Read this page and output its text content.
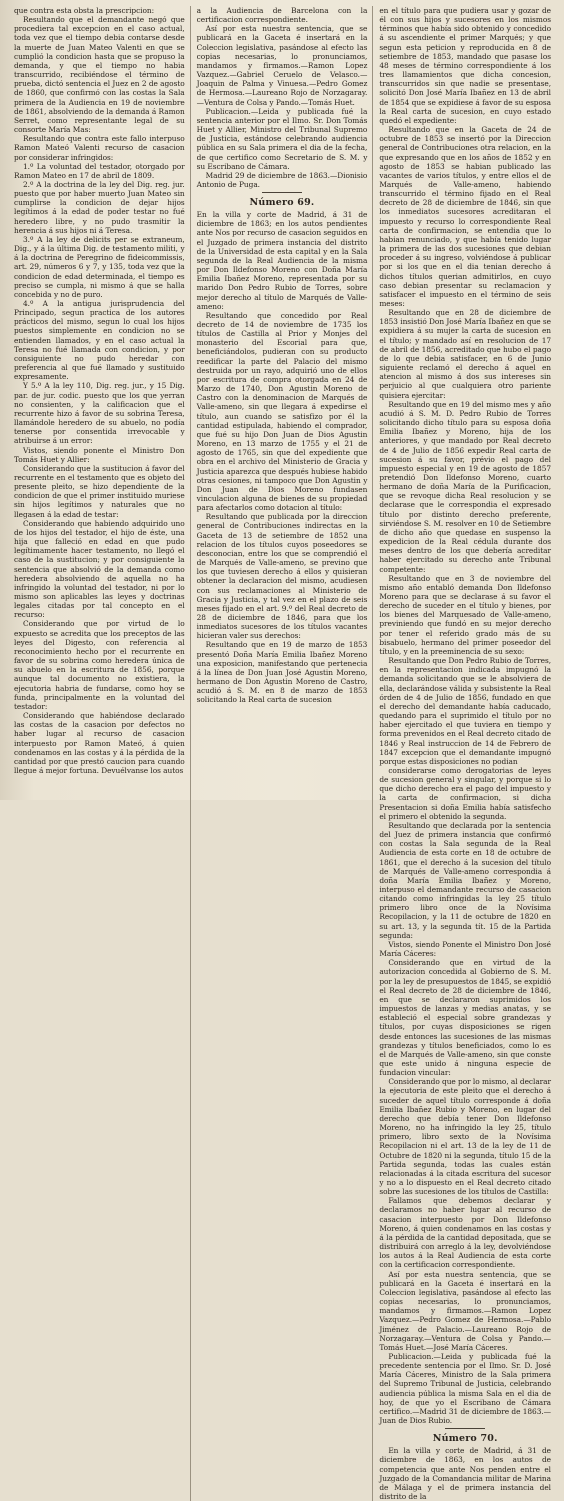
que contra esta obsta la prescripcion:

Resultando que el demandante negó que procediera tal excepcion en el caso actual, toda vez que el tiempo debia contarse desde la muerte de Juan Mateo Valenti en que se cumplió la condicion hasta que se propuso la demanda, y que el tiempo no habia transcurrido, recibiéndose el término de prueba, dictó sentencia el Juez en 2 de agosto de 1860, que confirmó con las costas la Sala primera de la Audiencia en 19 de noviembre de 1861, absolviendo de la demanda á Ramon Serret, como representante legal de su consorte María Mas:

Resultando que contra este fallo interpuso Ramon Mateó Valenti recurso de casacion por considerar infringidos:

1.º La voluntad del testador, otorgado por Ramon Mateo en 17 de abril de 1809.

2.º A la doctrina de la ley del Dig. reg. jur. puesto que por haber muerto Juan Mateo sin cumplirse la condicion de dejar hijos legítimos á la edad de poder testar no fué heredero libre, y no pudo trasmitir la herencia á sus hijos ni á Teresa.

3.º A la ley de delicits per se extraneum, Dig., y á la última Dig. de testamento militi, y á la doctrina de Peregrino de fideicommissis, art. 29, números 6 y 7, y 135, toda vez que la condicion de edad determinada, el tiempo es preciso se cumpla, ni mismo á que se halla concebida y no de puro.

4.º A la antigua jurisprudencia del Principado, segun practica de los autores prácticos del mismo, segun lo cual los hijos puestos simplemente en condicion no se entienden llamados, y en el caso actual la Teresa no fué llamada con condicion, y por consiguiente no pudo heredar con preferencia al que fué llamado y sustituido expresamente.

Y 5.º A la ley 110, Dig. reg. jur., y 15 Dig. par. de jur. codic. puesto que los que yerran no consienten, y la calificacion que el recurrente hizo á favor de su sobrina Teresa, llamándole heredero de su abuelo, no podía tenerse por consentida irrevocable y atribuirse á un error:

Vistos, siendo ponente el Ministro Don Tomás Huet y Allier:

Considerando que la sustitucion á favor del recurrente en el testamento que es objeto del presente pleito, se hizo dependiente de la condicion de que el primer instituido muriese sin hijos legítimos y naturales que no llegasen á la edad de testar:

Considerando que habiendo adquirido uno de los hijos del testador, el hijo de éste, una hija que falleció en edad en que pudo legítimamente hacer testamento, no llegó el caso de la sustitucion; y por consiguiente la sentencia que absolvió de la demanda como heredera absolviendo de aquella no ha infringido la voluntad del testador, ni por lo mismo son aplicables las leyes y doctrinas legales citadas por tal concepto en el recurso:

Considerando que por virtud de lo expuesto se acredita que los preceptos de las leyes del Digesto, con referencia al reconocimiento hecho por el recurrente en favor de su sobrina como heredera única de su abuelo en la escritura de 1856, porque aunque tal documento no existiera, la ejecutoria habria de fundarse, como hoy se funda, principalmente en la voluntad del testador:

Considerando que habiéndose declarado las costas de la casacion por defectos no haber lugar al recurso de casacion interpuesto por Ramon Mateó, á quien condenamos en las costas y á la pérdida de la cantidad por que prestó caucion para cuando llegue á mejor fortuna. Devuélvanse los autos

a la Audiencia de Barcelona con la certificacion correspondiente.

Así por esta nuestra sentencia, que se publicará en la Gaceta é insertará en la Coleccion legislativa, pasándose al efecto las copias necesarias, lo pronunciamos, mandamos y firmamos.—Ramon Lopez Vazquez.—Gabriel Ceruelo de Velasco.—Joaquin de Palma y Vinuesa.—Pedro Gomez de Hermosa.—Laureano Rojo de Norzagaray.—Ventura de Colsa y Pando.—Tomás Huet.

Publicacion.—Leida y publicada fué la sentencia anterior por el Ilmo. Sr. Don Tomás Huet y Allier, Ministro del Tribunal Supremo de Justicia, estándose celebrando audiencia pública en su Sala primera el dia de la fecha, de que certifico como Secretario de S. M. y su Escribano de Cámara.

Madrid 29 de diciembre de 1863.—Dionisio Antonio de Puga.

Número 69.

En la villa y corte de Madrid, á 31 de diciembre de 1863; en los autos pendientes ante Nos por recurso de casacion seguidos en el Juzgado de primera instancia del distrito de la Universidad de esta capital y en la Sala segunda de la Real Audiencia de la misma por Don Ildefonso Moreno con Doña María Emilia Ibañez Moreno, representada por su marido Don Pedro Rubio de Torres, sobre mejor derecho al título de Marqués de Valle-ameno:

Resultando que concedido por Real decreto de 14 de noviembre de 1735 los títulos de Castilla al Prior y Monjes del monasterio del Escorial para que, beneficiándolos, pudieran con su producto reedificar la parte del Palacio del mismo destruida por un rayo, adquirió uno de ellos por escritura de compra otorgada en 24 de Marzo de 1740, Don Agustin Moreno de Castro con la denominacion de Marqués de Valle-ameno, sin que llegara á expedirse el título, aun cuando se satisfizo por él la cantidad estipulada, habiendo el comprador, que fué su hijo Don Juan de Dios Agustin Moreno, en 13 marzo de 1755 y el 21 de agosto de 1765, sin que del expediente que obra en el archivo del Ministerio de Gracia y Justicia aparezca que después hubiese habido otras cesiones, ni tampoco que Don Agustin y Don Juan de Dios Moreno fundasen vinculacion alguna de bienes de su propiedad para afectarlos como dotacion al título:

Resultando que publicada por la direccion general de Contribuciones indirectas en la Gaceta de 13 de setiembre de 1852 una relacion de los títulos cuyos poseedores se desconocian, entre los que se comprendió el de Marqués de Valle-ameno, se previno que los que tuviesen derecho á ellos y quisieran obtener la declaracion del mismo, acudiesen con sus reclamaciones al Ministerio de Gracia y Justicia, y tal vez en el plazo de seis meses fijado en el art. 9.º del Real decreto de 28 de diciembre de 1846, para que los inmediatos sucesores de los títulos vacantes hicieran valer sus derechos:

Resultando que en 19 de marzo de 1853 presentó Doña María Emilia Ibañez Moreno una exposicion, manifestando que pertenecia á la línea de Don Juan José Agustin Moreno, hermano de Don Agustin Moreno de Castro, acudió á S. M. en 8 de marzo de 1853 solicitando la Real carta de sucesion

en el título para que pudiera usar y gozar de él con sus hijos y sucesores en los mismos términos que había sido obtenido y concedido á su ascendiente el primer Marqués; y que segun esta peticion y reproducida en 8 de setiembre de 1853, mandado que pasase los 48 meses de término correspondiente á los tres llamamientos que dicha concesion, transcurridos sin que nadie se presentase, solicitó Don José María Ibañez en 13 de abril de 1854 que se expidiese á favor de su esposa la Real carta de sucesion, en cuyo estado quedó el expediente:

Resultando que en la Gaceta de 24 de octubre de 1853 se insertó por la Direccion general de Contribuciones otra relacion, en la que expresando que en los años de 1852 y en agosto de 1853 se habian publicado las vacantes de varios títulos, y entre ellos el de Marqués de Valle-ameno, habiendo transcurrido el término fijado en el Real decreto de 28 de diciembre de 1846, sin que los inmediatos sucesores acreditaran el impuesto y recurso lo correspondiente Real carta de confirmacion, se entendia que lo habian renunciado, y que había tenido lugar la primera de las dos sucesiones que debian proceder á su ingreso, volviéndose á publicar por si los que en el dia tenian derecho á dichos títulos querian admitirlos, en cuyo caso debian presentar su reclamacion y satisfacer el impuesto en el término de seis meses:

Resultando que en 28 de diciembre de 1853 insistió Don José María Ibañez en que se expidiera á su mujer la carta de sucesion en el título; y mandado así en resolucion de 17 de abril de 1856, acreditado que hubo el pago de lo que debia satisfacer, en 6 de Junio siguiente reclamó el derecho á aquel en atencion al mismo á dos sus intereses sin perjuicio al que cualquiera otro pariente quisiera ejercitar:

Resultando que en 19 del mismo mes y año acudió á S. M. D. Pedro Rubio de Torres solicitando dicho título para su esposa doña Emilia Ibañez y Moreno, hija de los anteriores, y que mandado por Real decreto de 4 de Julio de 1856 expedir Real carta de sucesion á su favor, prévio el pago del impuesto especial y en 19 de agosto de 1857 pretendió Don Ildefonso Moreno, cuarto hermano de doña María de la Purificacion, que se revoque dicha Real resolucion y se declarase que le correspondia el expresado título por distinto derecho preferente, sirviéndose S. M. resolver en 10 de Setiembre de dicho año que quedase en suspenso la expedicion de la Real cédula durante dos meses dentro de los que debería acreditar haber ejercitado su derecho ante Tribunal competente:

Resultando que en 3 de noviembre del mismo año entabló demanda Don Ildefonso Moreno para que se declarase á su favor el derecho de suceder en el título y bienes, por los bienes del Marquesado de Valle-ameno, previniendo que fundó en su mejor derecho por tener el referido grado más de su bisabuelo, hermano del primer poseedor del título, y en la preeminencia de su sexo:

Resultando que Don Pedro Rubio de Torres, en la representacion indicada impugnó la demanda solicitando que se le absolviera de ella, declarándose válida y subsistente la Real órden de 4 de Julio de 1856, fundado en que el derecho del demandante había caducado, quedando para el suprimido el título por no haber ejercitado el que tuviera en tiempo y forma prevenidos en el Real decreto citado de 1846 y Real instruccion de 14 de Febrero de 1847 excepcion que el demandante impugnó porque estas disposiciones no podian

considerarse como derogatorias de leyes de sucesion general y singular, y porque si lo que dicho derecho era el pago del impuesto y la carta de confirmacion, si dicha Presentacion si doña Emilia había satisfecho el primero el obtenido la segunda.

Resultando que declarada por la sentencia del Juez de primera instancia que confirmó con costas la Sala segunda de la Real Audiencia de esta corte en 18 de octubre de 1861, que el derecho á la sucesion del título de Marqués de Valle-ameno correspondia á doña María Emilia Ibañez y Moreno, interpuso el demandante recurso de casacion citando como infringidas la ley 25 título primero libro once de la Novísima Recopilacion, y la 11 de octubre de 1820 en su art. 13, y la segunda tít. 15 de la Partida segunda:

Vistos, siendo Ponente el Ministro Don José María Cáceres:

Considerando que en virtud de la autorizacion concedida al Gobierno de S. M. por la ley de presupuestos de 1845, se expidió el Real decreto de 28 de diciembre de 1846, en que se declararon suprimidos los impuestos de lanzas y medias anatas, y se estableció el especial sobre grandezas y títulos, por cuyas disposiciones se rigen desde entonces las sucesiones de las mismas grandezas y títulos beneficiados, como lo es el de Marqués de Valle-ameno, sin que conste que este unido á ninguna especie de fundacion vincular:

Considerando que por lo mismo, al declarar la ejecutoria de este pleito que el derecho á suceder de aquel título corresponde á doña Emilia Ibañez Rubio y Moreno, en lugar del derecho que debía tener Don Ildefonso Moreno, no ha infringido la ley 25, título primero, libro sexto de la Novísima Recopilacion ni el art. 13 de la ley de 11 de Octubre de 1820 ni la segunda, título 15 de la Partida segunda, todas las cuales están relacionadas á la citada escritura del sucesor y no a lo dispuesto en el Real decreto citado sobre las sucesiones de los títulos de Castilla:

Fallamos que debemos declarar y declaramos no haber lugar al recurso de casacion interpuesto por Don Ildefonso Moreno, á quien condenamos en las costas y á la pérdida de la cantidad depositada, que se distribuirá con arreglo á la ley, devolviéndose los autos á la Real Audiencia de esta corte con la certificacion correspondiente.

Así por esta nuestra sentencia, que se publicará en la Gaceta é insertará en la Coleccion legislativa, pasándose al efecto las copias necesarias, lo pronunciamos, mandamos y firmamos.—Ramon Lopez Vazquez.—Pedro Gomez de Hermosa.—Pablo Jiménez de Palacio.—Laureano Rojo de Norzagaray.—Ventura de Colsa y Pando.—Tomás Huet.—José María Cáceres.

Publicacion.—Leida y publicada fué la precedente sentencia por el Ilmo. Sr. D. José María Cáceres, Ministro de la Sala primera del Supremo Tribunal de Justicia, celebrando audiencia pública la misma Sala en el dia de hoy, de que yo el Escribano de Cámara certifico.—Madrid 31 de diciembre de 1863.—Juan de Dios Rubio.

Número 70.

En la villa y corte de Madrid, á 31 de diciembre de 1863, en los autos de competencia que ante Nos penden entre el Juzgado de la Comandancia militar de Marina de Málaga y el de primera instancia del distrito de la
